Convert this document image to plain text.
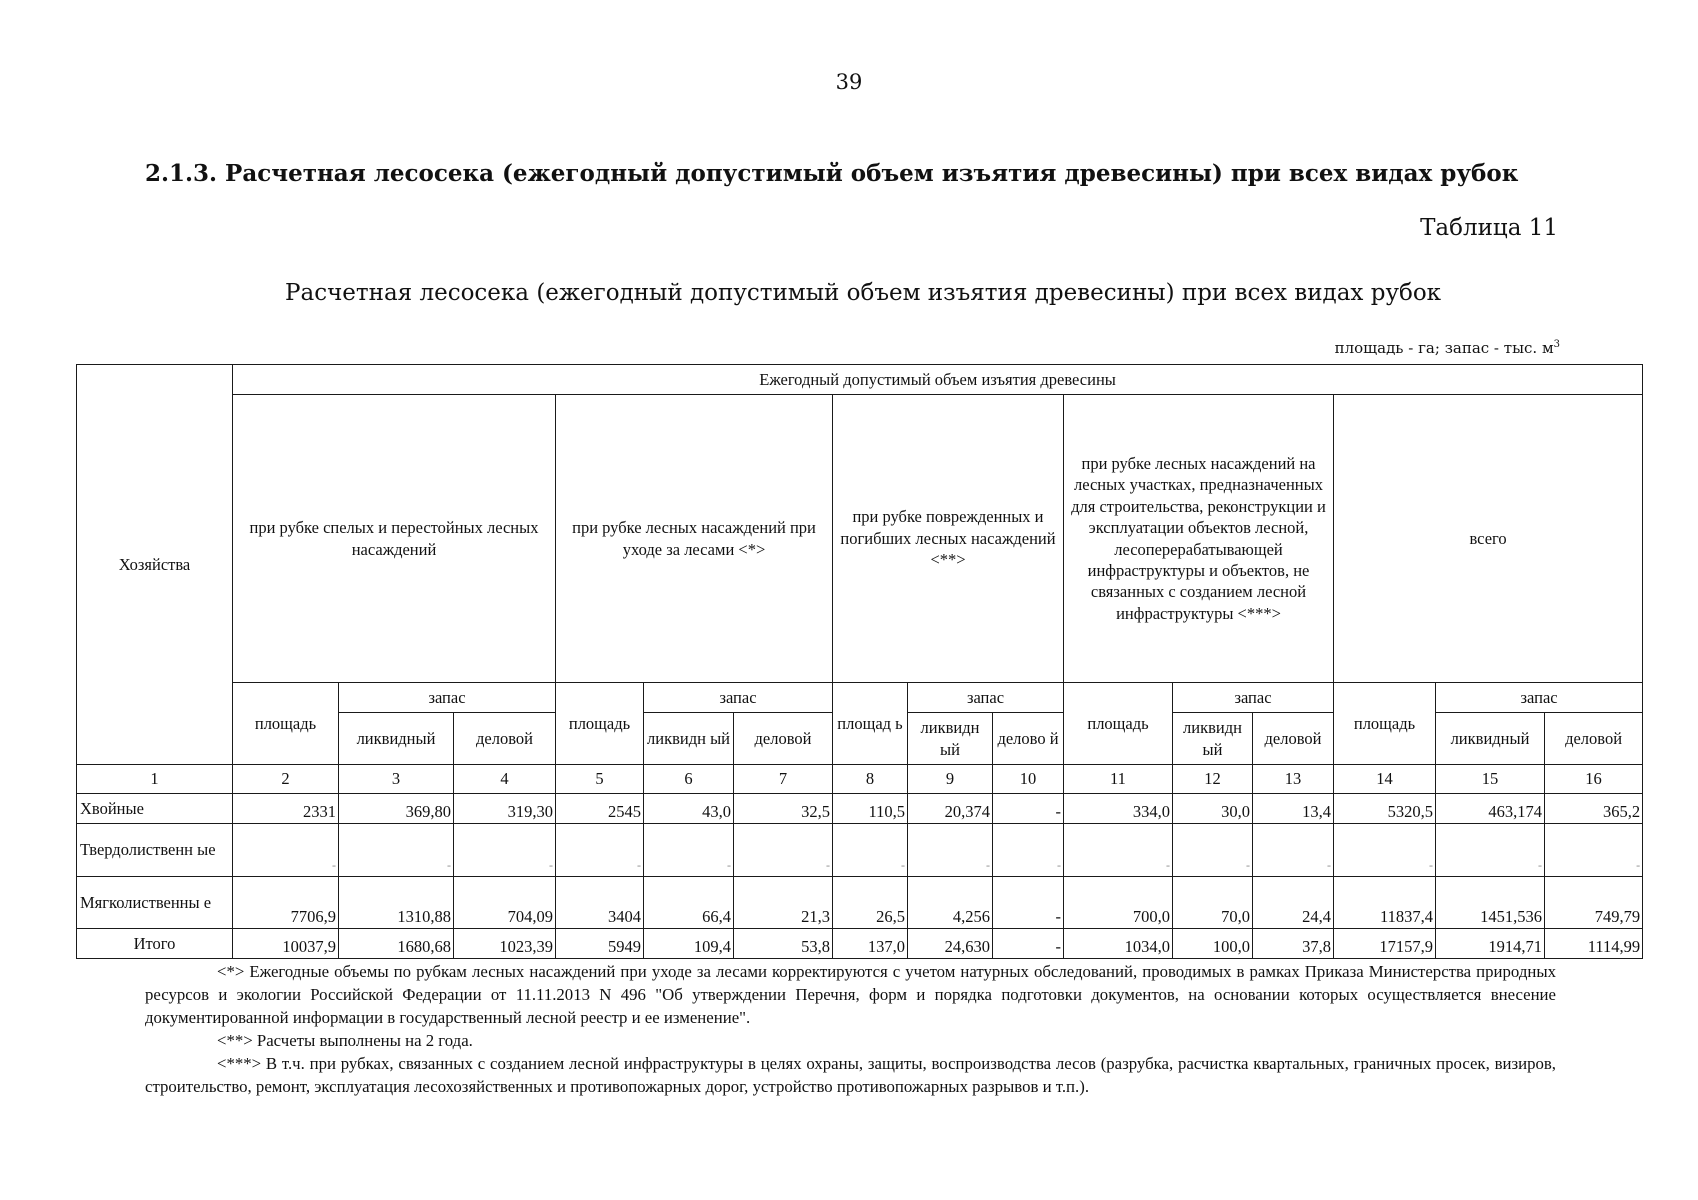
39
2.1.3. Расчетная лесосека (ежегодный допустимый объем изъятия древесины) при всех видах рубок
Таблица 11
Расчетная лесосека (ежегодный допустимый объем изъятия древесины) при всех видах рубок
площадь - га; запас - тыс. $м^3$
Хозяйства	Ежегодный допустимый объем изъятия древесины														
	при рубке спелых и перестойных лесных насаждений			при рубке лесных насаждений при уходе за лесами <*>			при рубке поврежденных и погибших лесных насаждений <**>			при рубке лесных насаждений на лесных участках, предназначенных для строительства, реконструкции и эксплуатации объектов лесной, лесоперерабатывающей инфраструктуры и объектов, не связанных с созданием лесной инфраструктуры <***>			всего		
	площадь	запас		площадь	запас		площад ь	запас		площадь	запас		площадь	запас	
		ликвидный	деловой		ликвидн ый	деловой		ликвидн ый	делово й		ликвидн ый	деловой		ликвидный	деловой
1	2	3	4	5	6	7	8	9	10	11	12	13	14	15	16
Хвойные	2331	369,80	319,30	2545	43,0	32,5	110,5	20,374	-	334,0	30,0	13,4	5320,5	463,174	365,2
Твердолиственн ые	-	-	-	-	-	-	-	-	-	-	-	-	-	-	-
Мягколиственны е	7706,9	1310,88	704,09	3404	66,4	21,3	26,5	4,256	-	700,0	70,0	24,4	11837,4	1451,536	749,79
Итого	10037,9	1680,68	1023,39	5949	109,4	53,8	137,0	24,630	-	1034,0	100,0	37,8	17157,9	1914,71	1114,99

<*> Ежегодные объемы по рубкам лесных насаждений при уходе за лесами корректируются с учетом натурных обследований, проводимых в рамках Приказа Министерства природных ресурсов и экологии Российской Федерации от 11.11.2013 N 496 "Об утверждении Перечня, форм и порядка подготовки документов, на основании которых осуществляется внесение документированной информации в государственный лесной реестр и ее изменение".

<**> Расчеты выполнены на 2 года.

<***> В т.ч. при рубках, связанных с созданием лесной инфраструктуры в целях охраны, защиты, воспроизводства лесов (разрубка, расчистка квартальных, граничных просек, визиров, строительство, ремонт, эксплуатация лесохозяйственных и противопожарных дорог, устройство противопожарных разрывов и т.п.).
